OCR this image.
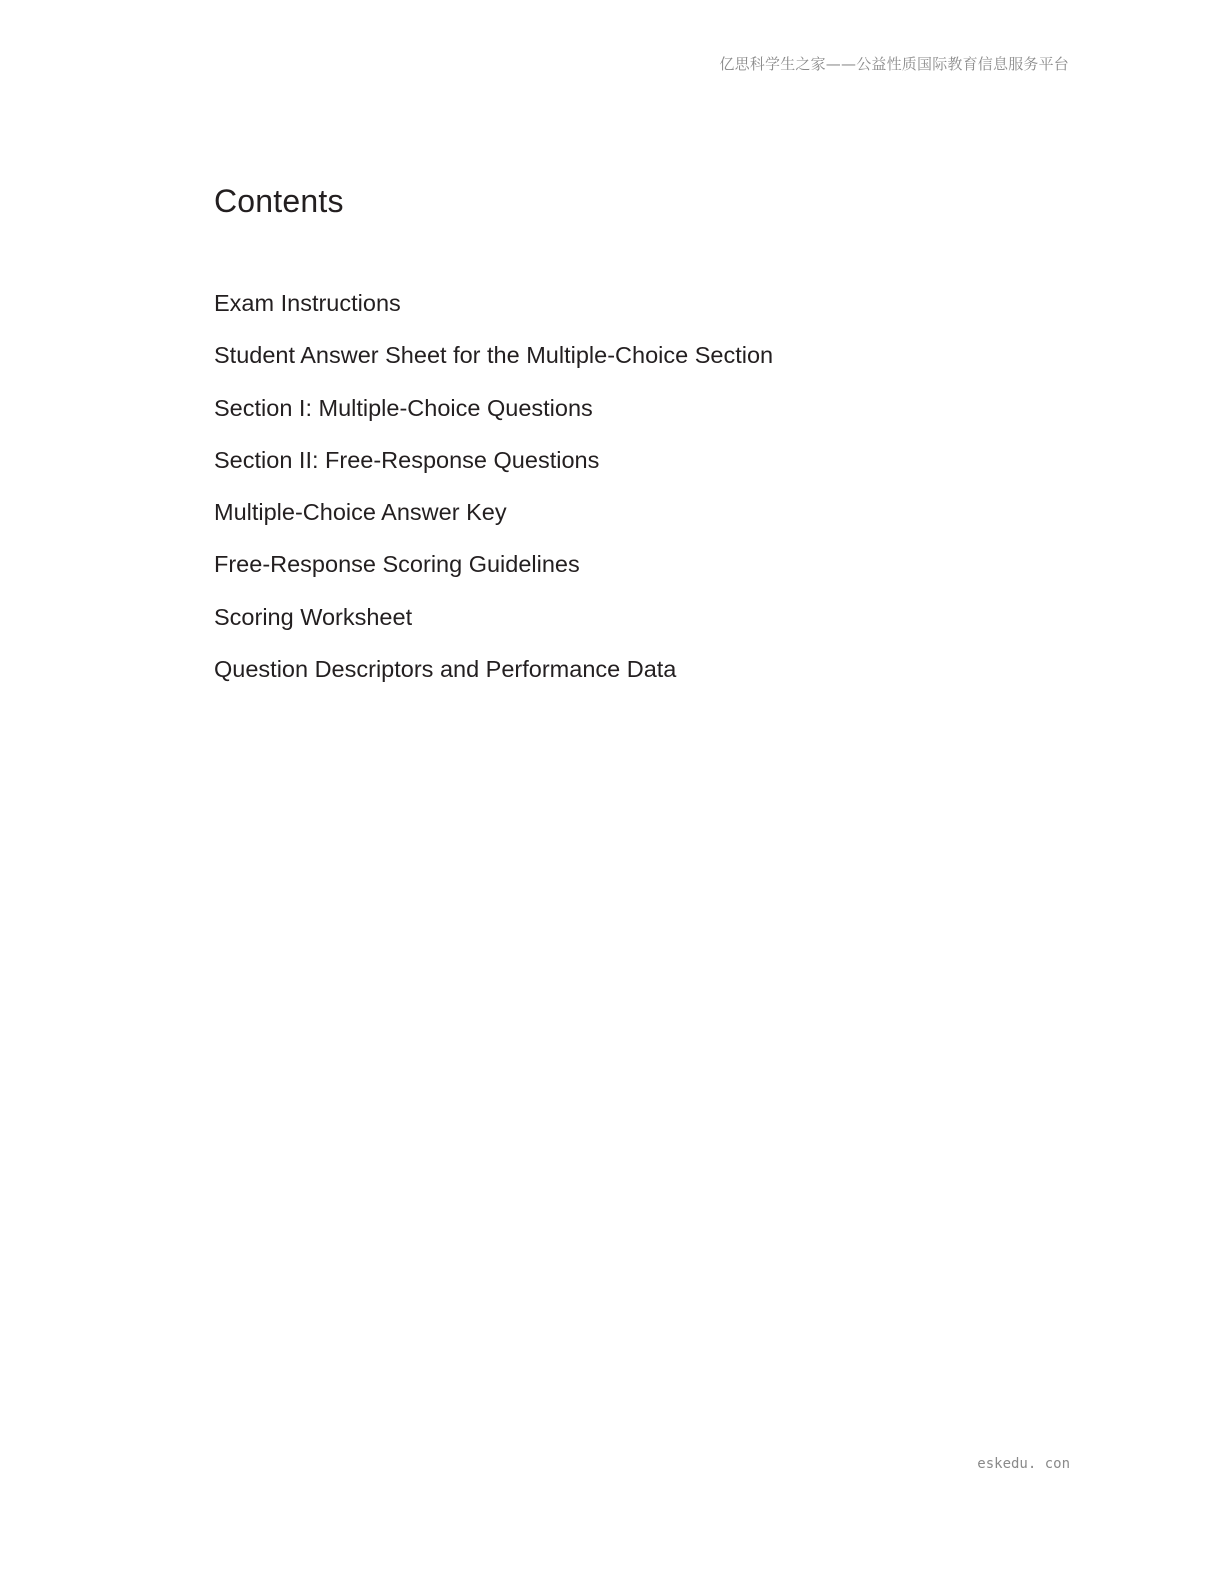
亿思科学生之家——公益性质国际教育信息服务平台
Contents
Exam Instructions
Student Answer Sheet for the Multiple-Choice Section
Section I: Multiple-Choice Questions
Section II: Free-Response Questions
Multiple-Choice Answer Key
Free-Response Scoring Guidelines
Scoring Worksheet
Question Descriptors and Performance Data
eskedu. con
